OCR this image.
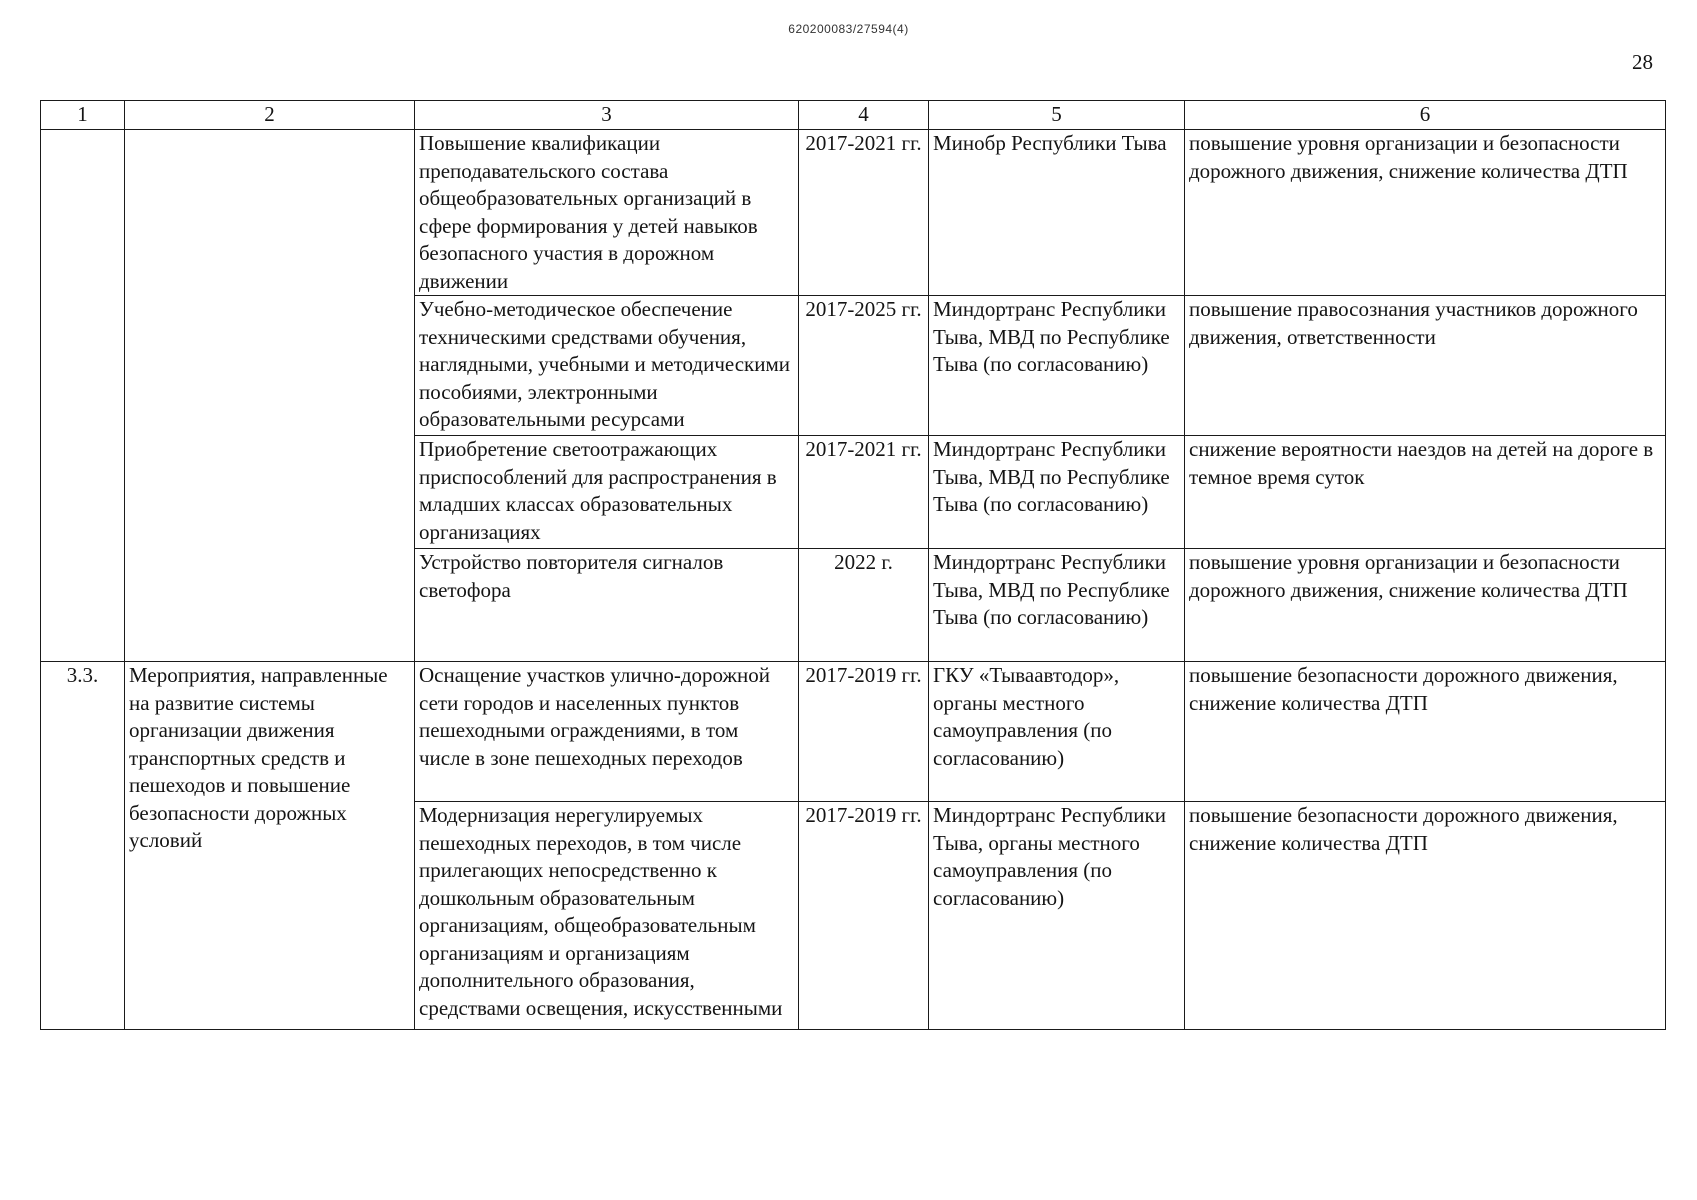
620200083/27594(4)
28
1	2	3	4	5	6
		Повышение квалификации преподавательского состава общеобразовательных организаций в сфере формирования у детей навыков безопасного участия в дорожном движении	2017-2021 гг.	Минобр Республики Тыва	повышение уровня организации и безопасности дорожного движения, снижение количества ДТП
		Учебно-методическое обеспечение техническими средствами обучения, наглядными, учебными и методическими пособиями, электронными образовательными ресурсами	2017-2025 гг.	Миндортранс Республики Тыва, МВД по Республике Тыва (по согласованию)	повышение правосознания участников дорожного движения, ответственности
		Приобретение светоотражающих приспособлений для распространения в младших классах образовательных организациях	2017-2021 гг.	Миндортранс Республики Тыва, МВД по Республике Тыва (по согласованию)	снижение вероятности наездов на детей на дороге в темное время суток
		Устройство повторителя сигналов светофора	2022 г.	Миндортранс Республики Тыва, МВД по Республике Тыва (по согласованию)	повышение уровня организации и безопасности дорожного движения, снижение количества ДТП
3.3.	Мероприятия, направленные на развитие системы организации движения транспортных средств и пешеходов и повышение безопасности дорожных условий	Оснащение участков улично-дорожной сети городов и населенных пунктов пешеходными ограждениями, в том числе в зоне пешеходных переходов	2017-2019 гг.	ГКУ «Тываавтодор», органы местного самоуправления (по согласованию)	повышение безопасности дорожного движения, снижение количества ДТП
		Модернизация нерегулируемых пешеходных переходов, в том числе прилегающих непосредственно к дошкольным образовательным организациям, общеобразовательным организациям и организациям дополнительного образования, средствами освещения, искусственными	2017-2019 гг.	Миндортранс Республики Тыва, органы местного самоуправления (по согласованию)	повышение безопасности дорожного движения, снижение количества ДТП
